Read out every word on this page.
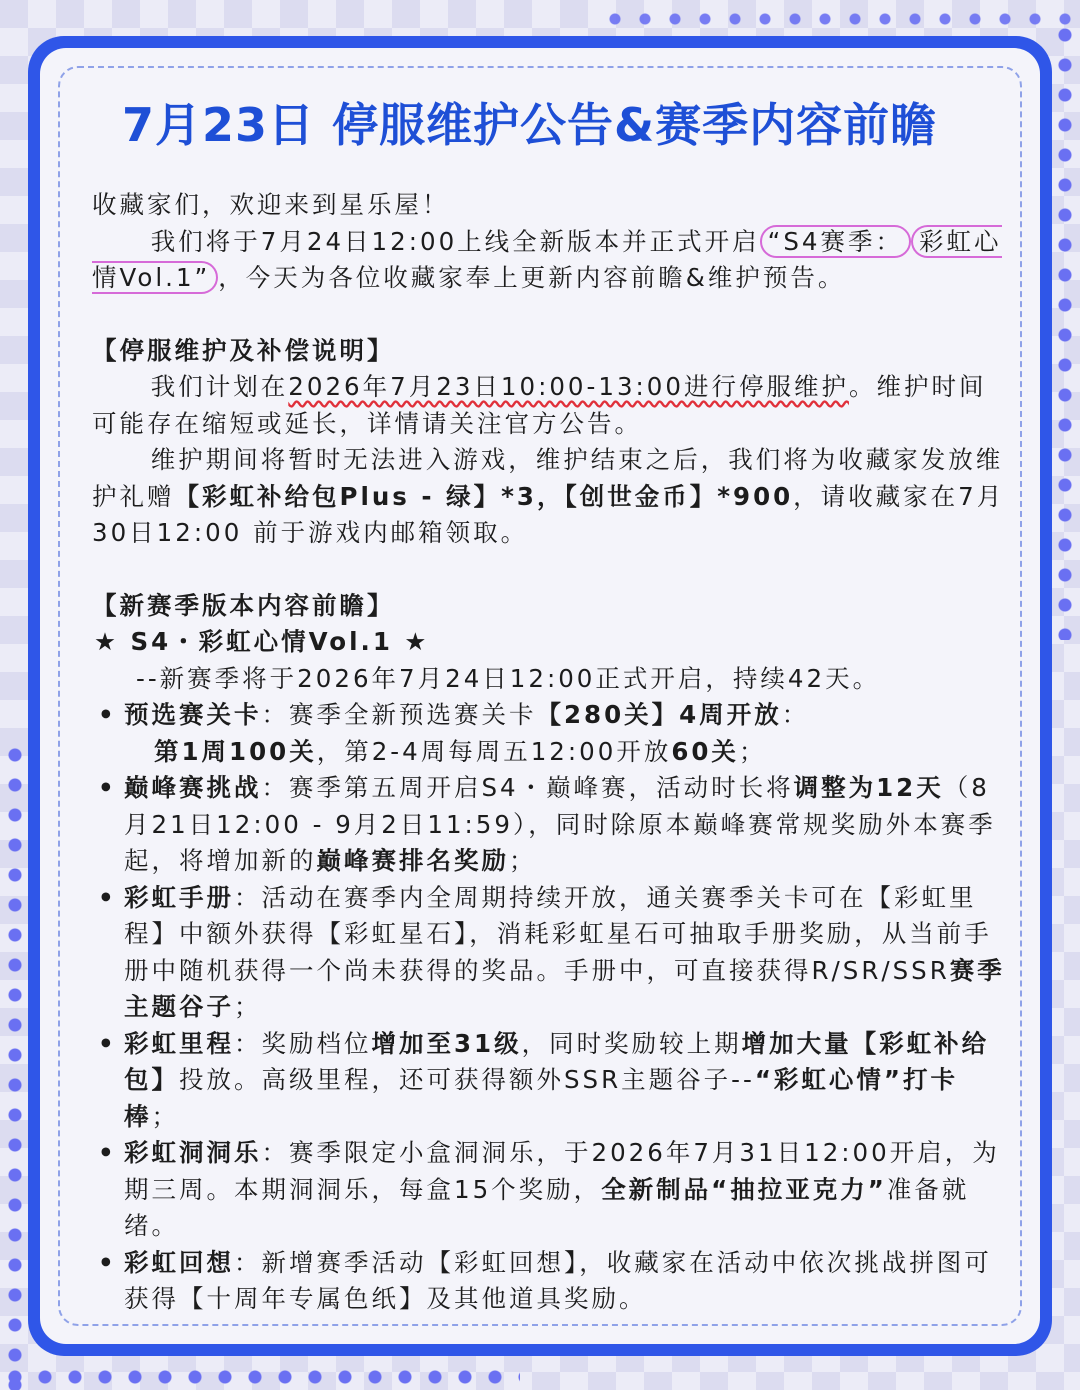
7月23日 停服维护公告&赛季内容前瞻

收藏家们，欢迎来到星乐屋！

我们将于7月24日12:00上线全新版本并正式开启 “S4赛季： 彩虹心情Vol.1” ，今天为各位收藏家奉上更新内容前瞻&维护预告。

【停服维护及补偿说明】

我们计划在2026年7月23日10:00-13:00进行停服维护。维护时间可能存在缩短或延长，详情请关注官方公告。

维护期间将暂时无法进入游戏，维护结束之后，我们将为收藏家发放维护礼赠【彩虹补给包Plus - 绿】*3，【创世金币】*900，请收藏家在7月30日12:00 前于游戏内邮箱领取。

【新赛季版本内容前瞻】

★ S4・彩虹心情Vol.1 ★

--新赛季将于2026年7月24日12:00正式开启，持续42天。

• 预选赛关卡：赛季全新预选赛关卡【280关】4周开放：
第1周100关，第2-4周每周五12:00开放60关；
• 巅峰赛挑战：赛季第五周开启S4・巅峰赛，活动时长将调整为12天（8月21日12:00 - 9月2日11:59），同时除原本巅峰赛常规奖励外本赛季起，将增加新的巅峰赛排名奖励；
• 彩虹手册：活动在赛季内全周期持续开放，通关赛季关卡可在【彩虹里程】中额外获得【彩虹星石】，消耗彩虹星石可抽取手册奖励，从当前手册中随机获得一个尚未获得的奖品。手册中，可直接获得R/SR/SSR赛季主题谷子；
• 彩虹里程：奖励档位增加至31级，同时奖励较上期增加大量【彩虹补给包】投放。高级里程，还可获得额外SSR主题谷子--“彩虹心情”打卡棒；
• 彩虹洞洞乐：赛季限定小盒洞洞乐，于2026年7月31日12:00开启，为期三周。本期洞洞乐，每盒15个奖励，全新制品“抽拉亚克力”准备就绪。
• 彩虹回想：新增赛季活动【彩虹回想】，收藏家在活动中依次挑战拼图可获得【十周年专属色纸】及其他道具奖励。
